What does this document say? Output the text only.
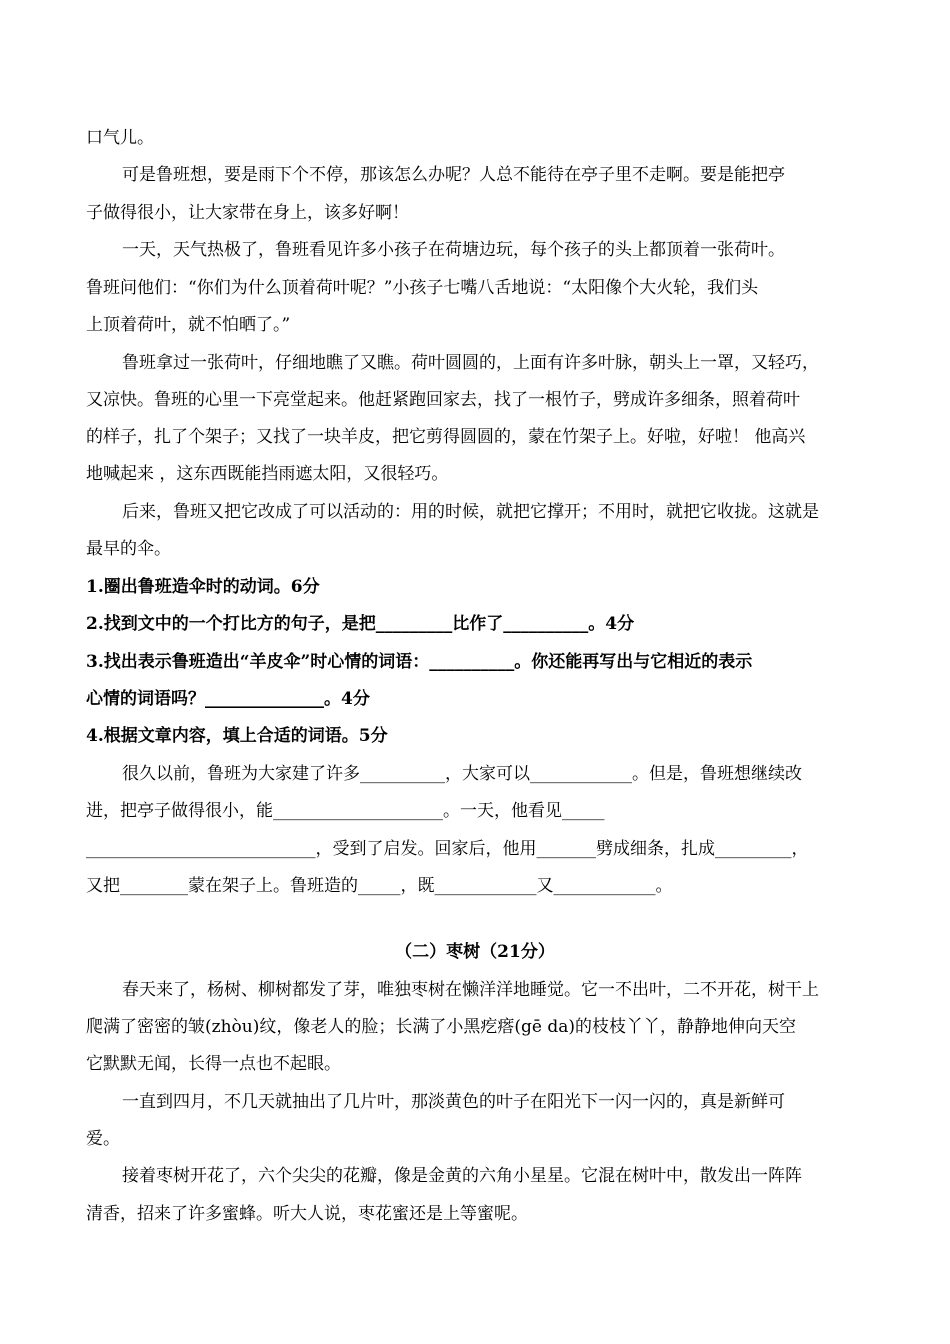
口气儿。
可是鲁班想，要是雨下个不停，那该怎么办呢？人总不能待在亭子里不走啊。要是能把亭
子做得很小，让大家带在身上，该多好啊！
一天，天气热极了，鲁班看见许多小孩子在荷塘边玩，每个孩子的头上都顶着一张荷叶。
鲁班问他们：“你们为什么顶着荷叶呢？”小孩子七嘴八舌地说：“太阳像个大火轮，我们头
上顶着荷叶，就不怕晒了。”
鲁班拿过一张荷叶，仔细地瞧了又瞧。荷叶圆圆的，上面有许多叶脉，朝头上一罩，又轻巧，
又凉快。鲁班的心里一下亮堂起来。他赶紧跑回家去，找了一根竹子，劈成许多细条，照着荷叶
的样子，扎了个架子；又找了一块羊皮，把它剪得圆圆的，蒙在竹架子上。好啦，好啦！ 他高兴
地喊起来 ，这东西既能挡雨遮太阳，又很轻巧。
后来，鲁班又把它改成了可以活动的：用的时候，就把它撑开；不用时，就把它收拢。这就是
最早的伞。
1.圈出鲁班造伞时的动词。6分
2.找到文中的一个打比方的句子，是把_________比作了__________。4分
3.找出表示鲁班造出“羊皮伞”时心情的词语：__________。你还能再写出与它相近的表示
心情的词语吗？______________。4分
4.根据文章内容，填上合适的词语。5分
很久以前，鲁班为大家建了许多__________，大家可以____________。但是，鲁班想继续改
进，把亭子做得很小，能____________________。一天，他看见_____
___________________________，受到了启发。回家后，他用_______劈成细条，扎成_________，
又把________蒙在架子上。鲁班造的_____，既____________又____________。
（二）枣树（21分）
春天来了，杨树、柳树都发了芽，唯独枣树在懒洋洋地睡觉。它一不出叶，二不开花，树干上
爬满了密密的皱(zhòu)纹，像老人的脸；长满了小黑疙瘩(gē da)的枝枝丫丫，静静地伸向天空
它默默无闻，长得一点也不起眼。
一直到四月，不几天就抽出了几片叶，那淡黄色的叶子在阳光下一闪一闪的，真是新鲜可
爱。
接着枣树开花了，六个尖尖的花瓣，像是金黄的六角小星星。它混在树叶中，散发出一阵阵
清香，招来了许多蜜蜂。听大人说，枣花蜜还是上等蜜呢。
